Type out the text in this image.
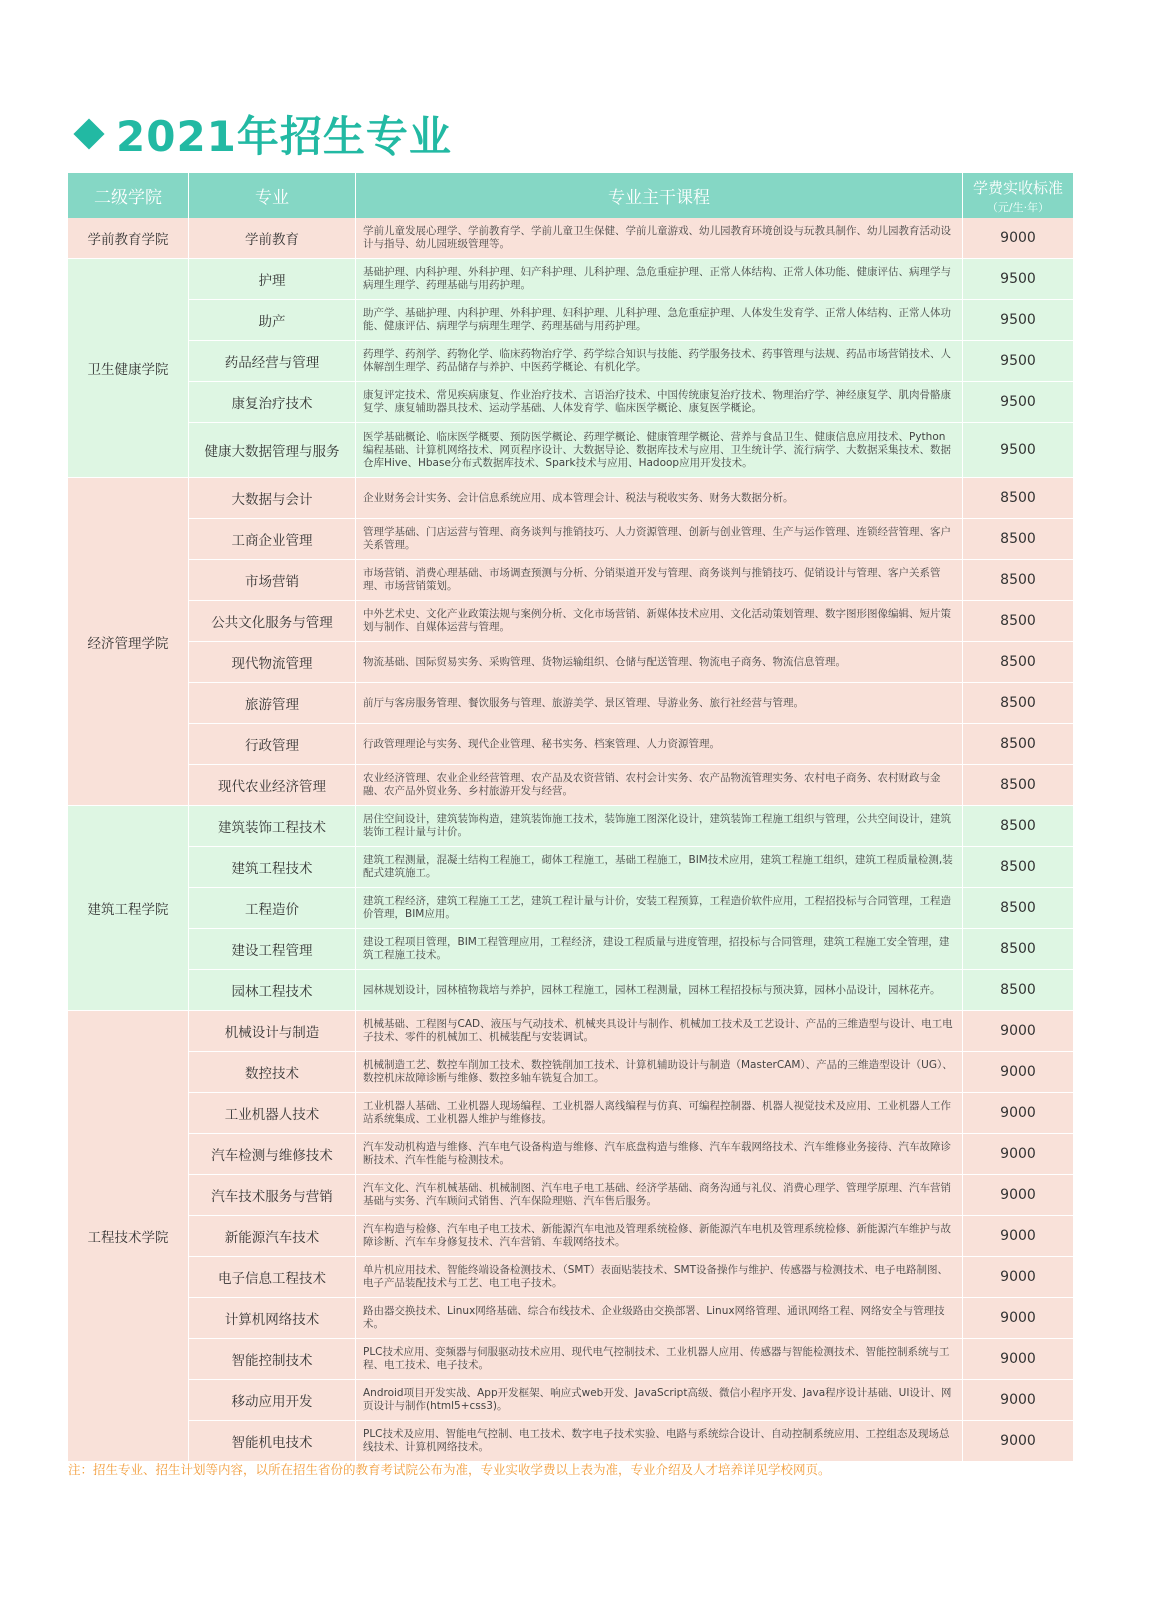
2021年招生专业
二级学院	专业	专业主干课程	学费实收标准
（元/生·年）

学前教育学院	学前教育	学前儿童发展心理学、学前教育学、学前儿童卫生保健、学前儿童游戏、幼儿园教育环境创设与玩教具制作、幼儿园教育活动设计与指导、幼儿园班级管理等。	9000
卫生健康学院	护理	基础护理、内科护理、外科护理、妇产科护理、儿科护理、急危重症护理、正常人体结构、正常人体功能、健康评估、病理学与病理生理学、药理基础与用药护理。	9500
	助产	助产学、基础护理、内科护理、外科护理、妇科护理、儿科护理、急危重症护理、人体发生发育学、正常人体结构、正常人体功能、健康评估、病理学与病理生理学、药理基础与用药护理。	9500
	药品经营与管理	药理学、药剂学、药物化学、临床药物治疗学、药学综合知识与技能、药学服务技术、药事管理与法规、药品市场营销技术、人体解剖生理学、药品储存与养护、中医药学概论、有机化学。	9500
	康复治疗技术	康复评定技术、常见疾病康复、作业治疗技术、言语治疗技术、中国传统康复治疗技术、物理治疗学、神经康复学、肌肉骨骼康复学、康复辅助器具技术、运动学基础、人体发育学、临床医学概论、康复医学概论。	9500
	健康大数据管理与服务	医学基础概论、临床医学概要、预防医学概论、药理学概论、健康管理学概论、营养与食品卫生、健康信息应用技术、Python编程基础、计算机网络技术、网页程序设计、大数据导论、数据库技术与应用、卫生统计学、流行病学、大数据采集技术、数据仓库Hive、Hbase分布式数据库技术、Spark技术与应用、Hadoop应用开发技术。	9500
经济管理学院	大数据与会计	企业财务会计实务、会计信息系统应用、成本管理会计、税法与税收实务、财务大数据分析。	8500
	工商企业管理	管理学基础、门店运营与管理、商务谈判与推销技巧、人力资源管理、创新与创业管理、生产与运作管理、连锁经营管理、客户关系管理。	8500
	市场营销	市场营销、消费心理基础、市场调查预测与分析、分销渠道开发与管理、商务谈判与推销技巧、促销设计与管理、客户关系管理、市场营销策划。	8500
	公共文化服务与管理	中外艺术史、文化产业政策法规与案例分析、文化市场营销、新媒体技术应用、文化活动策划管理、数字图形图像编辑、短片策划与制作、自媒体运营与管理。	8500
	现代物流管理	物流基础、国际贸易实务、采购管理、货物运输组织、仓储与配送管理、物流电子商务、物流信息管理。	8500
	旅游管理	前厅与客房服务管理、餐饮服务与管理、旅游美学、景区管理、导游业务、旅行社经营与管理。	8500
	行政管理	行政管理理论与实务、现代企业管理、秘书实务、档案管理、人力资源管理。	8500
	现代农业经济管理	农业经济管理、农业企业经营管理、农产品及农资营销、农村会计实务、农产品物流管理实务、农村电子商务、农村财政与金融、农产品外贸业务、乡村旅游开发与经营。	8500
建筑工程学院	建筑装饰工程技术	居住空间设计，建筑装饰构造，建筑装饰施工技术，装饰施工图深化设计，建筑装饰工程施工组织与管理，公共空间设计，建筑装饰工程计量与计价。	8500
	建筑工程技术	建筑工程测量，混凝土结构工程施工，砌体工程施工，基础工程施工，BIM技术应用，建筑工程施工组织，建筑工程质量检测,装配式建筑施工。	8500
	工程造价	建筑工程经济，建筑工程施工工艺，建筑工程计量与计价，安装工程预算，工程造价软件应用，工程招投标与合同管理，工程造价管理，BIM应用。	8500
	建设工程管理	建设工程项目管理，BIM工程管理应用，工程经济，建设工程质量与进度管理，招投标与合同管理，建筑工程施工安全管理，建筑工程施工技术。	8500
	园林工程技术	园林规划设计，园林植物栽培与养护，园林工程施工，园林工程测量，园林工程招投标与预决算，园林小品设计，园林花卉。	8500
工程技术学院	机械设计与制造	机械基础、工程图与CAD、液压与气动技术、机械夹具设计与制作、机械加工技术及工艺设计、产品的三维造型与设计、电工电子技术、零件的机械加工、机械装配与安装调试。	9000
	数控技术	机械制造工艺、数控车削加工技术、数控铣削加工技术、计算机辅助设计与制造（MasterCAM）、产品的三维造型设计（UG）、数控机床故障诊断与维修、数控多轴车铣复合加工。	9000
	工业机器人技术	工业机器人基础、工业机器人现场编程、工业机器人离线编程与仿真、可编程控制器、机器人视觉技术及应用、工业机器人工作站系统集成、工业机器人维护与维修技。	9000
	汽车检测与维修技术	汽车发动机构造与维修、汽车电气设备构造与维修、汽车底盘构造与维修、汽车车载网络技术、汽车维修业务接待、汽车故障诊断技术、汽车性能与检测技术。	9000
	汽车技术服务与营销	汽车文化、汽车机械基础、机械制图、汽车电子电工基础、经济学基础、商务沟通与礼仪、消费心理学、管理学原理、汽车营销基础与实务、汽车顾问式销售、汽车保险理赔、汽车售后服务。	9000
	新能源汽车技术	汽车构造与检修、汽车电子电工技术、新能源汽车电池及管理系统检修、新能源汽车电机及管理系统检修、新能源汽车维护与故障诊断、汽车车身修复技术、汽车营销、车载网络技术。	9000
	电子信息工程技术	单片机应用技术、智能终端设备检测技术、（SMT）表面贴装技术、SMT设备操作与维护、传感器与检测技术、电子电路制图、电子产品装配技术与工艺、电工电子技术。	9000
	计算机网络技术	路由器交换技术、Linux网络基础、综合布线技术、企业级路由交换部署、Linux网络管理、通讯网络工程、网络安全与管理技术。	9000
	智能控制技术	PLC技术应用、变频器与伺服驱动技术应用、现代电气控制技术、工业机器人应用、传感器与智能检测技术、智能控制系统与工程、电工技术、电子技术。	9000
	移动应用开发	Android项目开发实战、App开发框架、响应式web开发、JavaScript高级、微信小程序开发、Java程序设计基础、UI设计、网页设计与制作(html5+css3)。	9000
	智能机电技术	PLC技术及应用、智能电气控制、电工技术、数字电子技术实验、电路与系统综合设计、自动控制系统应用、工控组态及现场总线技术、计算机网络技术。	9000
注：招生专业、招生计划等内容，以所在招生省份的教育考试院公布为准，专业实收学费以上表为准，专业介绍及人才培养详见学校网页。
